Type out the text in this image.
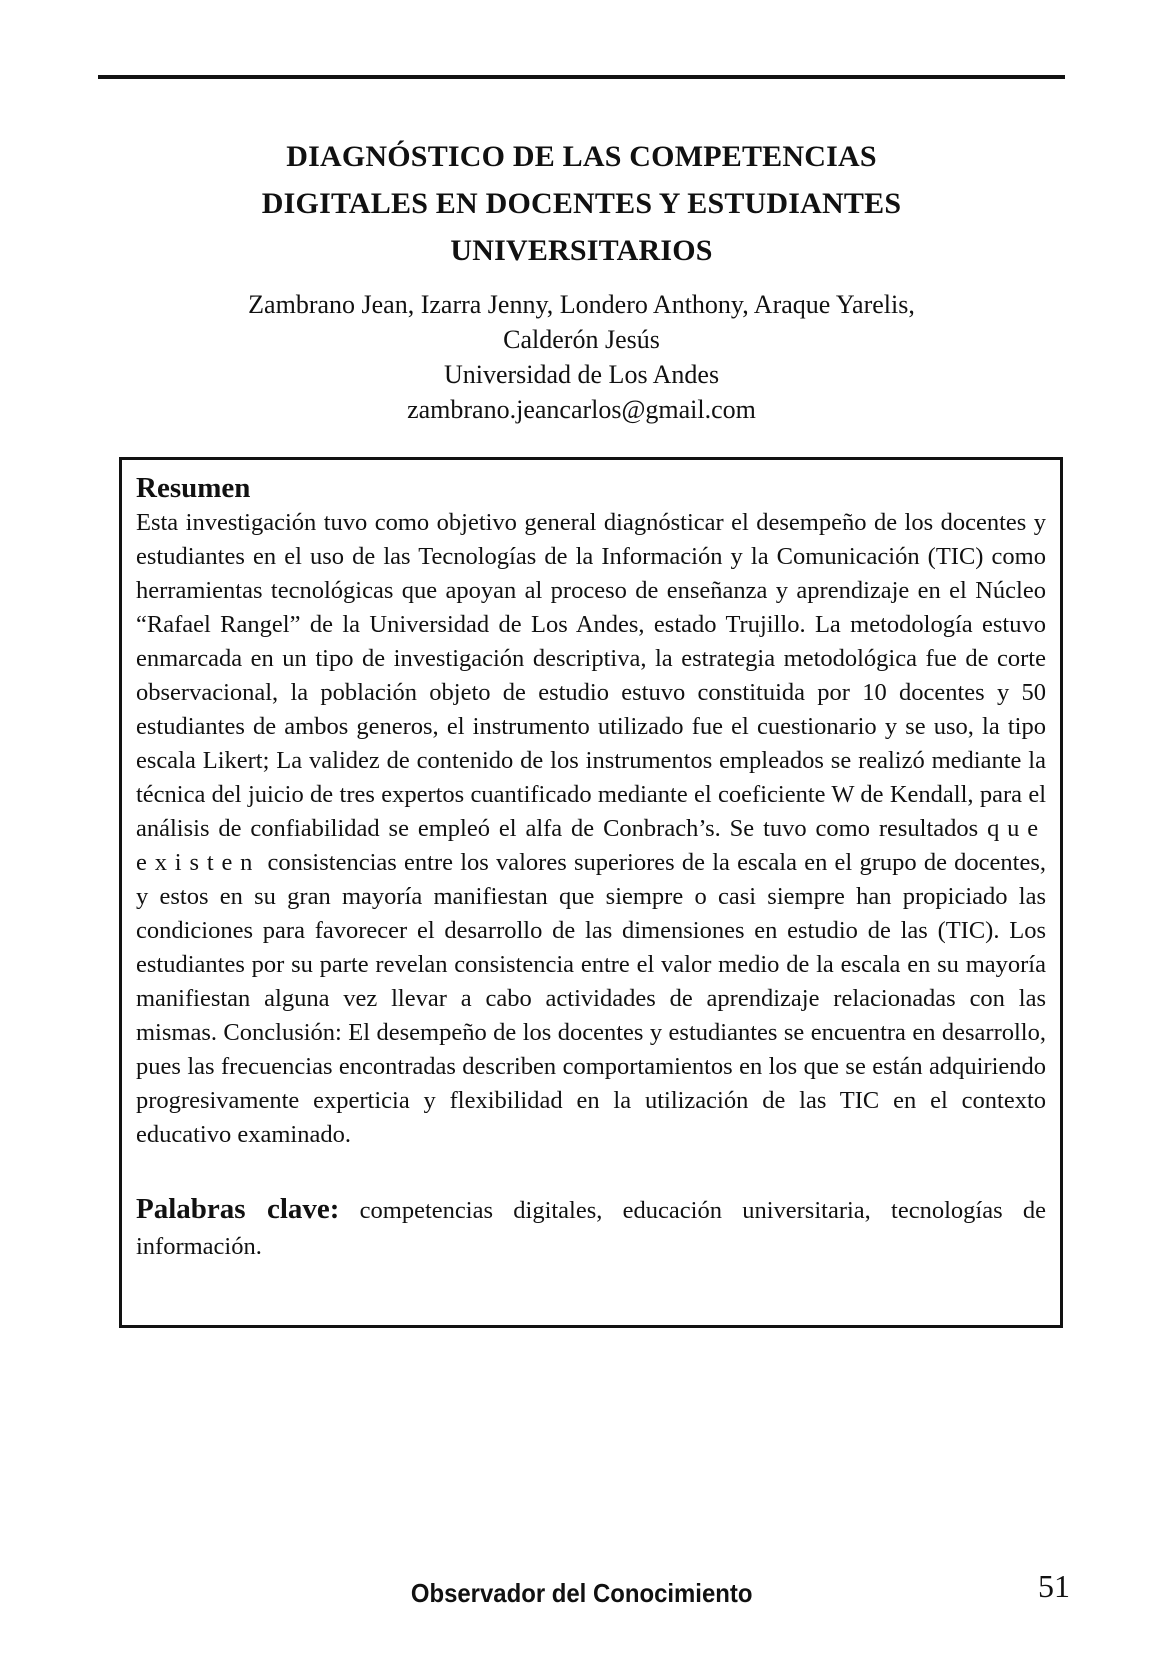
DIAGNÓSTICO DE LAS COMPETENCIAS
DIGITALES EN DOCENTES Y ESTUDIANTES
UNIVERSITARIOS
Zambrano Jean, Izarra Jenny, Londero Anthony, Araque Yarelis,
Calderón Jesús
Universidad de Los Andes
zambrano.jeancarlos@gmail.com
Resumen

Esta investigación tuvo como objetivo general diagnósticar el desempeño de los docentes y estudiantes en el uso de las Tecnologías de la Información y la Comunicación (TIC) como herramientas tecnológicas que apoyan al proceso de enseñanza y aprendizaje en el Núcleo “Rafael Rangel” de la Universidad de Los Andes, estado Trujillo. La metodología estuvo enmarcada en un tipo de investigación descriptiva, la estrategia metodológica fue de corte observacional, la población objeto de estudio estuvo constituida por 10 docentes y 50 estudiantes de ambos generos, el instrumento utilizado fue el cuestionario y se uso, la tipo escala Likert; La validez de contenido de los instrumentos empleados se realizó mediante la técnica del juicio de tres expertos cuantificado mediante el coeficiente W de Kendall, para el análisis de confiabilidad se empleó el alfa de Conbrach’s. Se tuvo como resultados que existen consistencias entre los valores superiores de la escala en el grupo de docentes, y estos en su gran mayoría manifiestan que siempre o casi siempre han propiciado las condiciones para favorecer el desarrollo de las dimensiones en estudio de las (TIC). Los estudiantes por su parte revelan consistencia entre el valor medio de la escala en su mayoría manifiestan alguna vez llevar a cabo actividades de aprendizaje relacionadas con las mismas. Conclusión: El desempeño de los docentes y estudiantes se encuentra en desarrollo, pues las frecuencias encontradas describen comportamientos en los que se están adquiriendo progresivamente experticia y flexibilidad en la utilización de las TIC en el contexto educativo examinado.

Palabras clave: competencias digitales, educación universitaria, tecnologías de información.

Observador del Conocimiento	51
